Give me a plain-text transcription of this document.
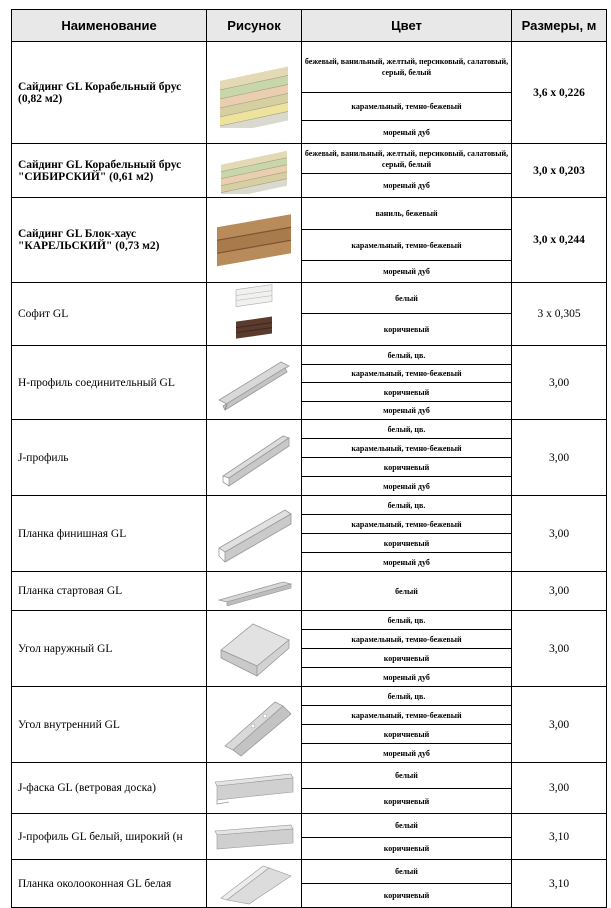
Наименование	Рисунок	Цвет	Размеры, м
Сайдинг GL Корабельный брус (0,82 м2)		бежевый, ванильный, желтый, персиковый, салатовый, серый, белый	3,6 x 0,226
		карамельный, темно-бежевый	
		мореный дуб	
Сайдинг GL Корабельный брус "СИБИРСКИЙ" (0,61 м2)		бежевый, ванильный, желтый, персиковый, салатовый, серый, белый	3,0 x 0,203
		мореный дуб	
Сайдинг GL Блок-хаус "КАРЕЛЬСКИЙ" (0,73 м2)		ваниль, бежевый	3,0 x 0,244
		карамельный, темно-бежевый	
		мореный дуб	
Софит GL		белый	3 x 0,305
		коричневый	
H-профиль соединительный GL		белый, цв.	3,00
		карамельный, темно-бежевый	
		коричневый	
		мореный дуб	
J-профиль		белый, цв.	3,00
		карамельный, темно-бежевый	
		коричневый	
		мореный дуб	
Планка финишная GL		белый, цв.	3,00
		карамельный, темно-бежевый	
		коричневый	
		мореный дуб	
Планка стартовая GL		белый	3,00
Угол наружный GL		белый, цв.	3,00
		карамельный, темно-бежевый	
		коричневый	
		мореный дуб	
Угол внутренний GL		белый, цв.	3,00
		карамельный, темно-бежевый	
		коричневый	
		мореный дуб	
J-фаска GL (ветровая доска)		белый	3,00
		коричневый	
J-профиль GL белый, широкий (н		белый	3,10
		коричневый	
Планка околооконная GL белая		белый	3,10
		коричневый	
